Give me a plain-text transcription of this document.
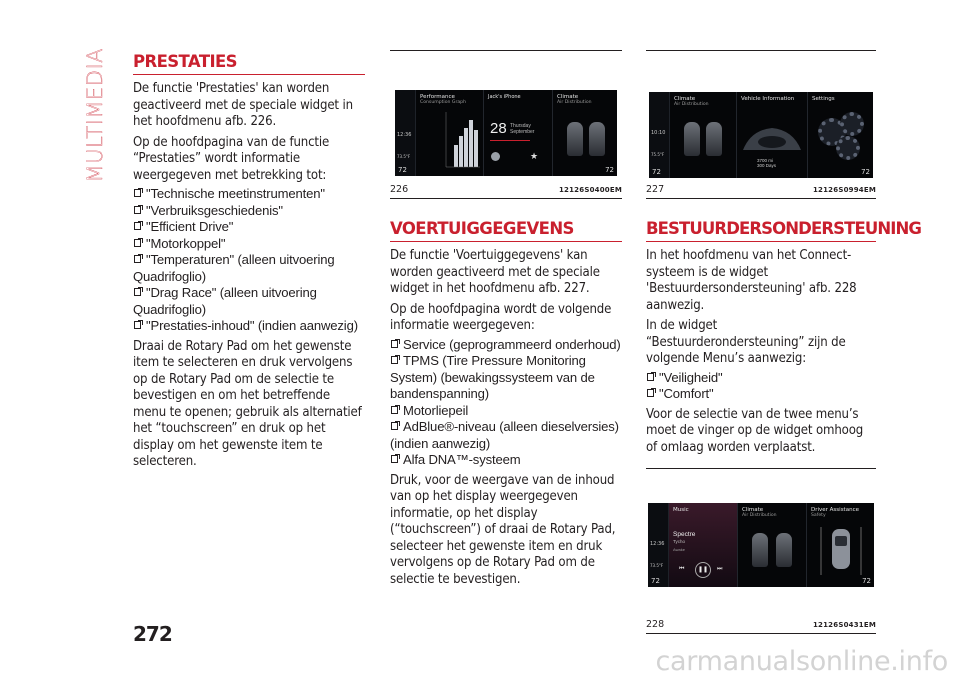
MULTIMEDIA PRESTATIES

De functie 'Prestaties' kan worden geactiveerd met de speciale widget in het hoofdmenu afb. 226.

Op de hoofdpagina van de functie “Prestaties” wordt informatie weergegeven met betrekking tot:

"Technische meetinstrumenten"
"Verbruiksgeschiedenis"
"Efficient Drive"
"Motorkoppel"
"Temperaturen" (alleen uitvoering Quadrifoglio)
"Drag Race" (alleen uitvoering Quadrifoglio)
"Prestaties-inhoud" (indien aanwezig)

Draai de Rotary Pad om het gewenste item te selecteren en druk vervolgens op de Rotary Pad om de selectie te bevestigen en om het betreffende menu te openen; gebruik als alternatief het “touchscreen” en druk op het display om het gewenste item te selecteren.

12:36
73.5°F
Performance
Consumption Graph
Jack's iPhone
28 Thursday
September
★
Climate
Air Distribution
72
72
226	12126S0400EM
VOERTUIGGEGEVENS

De functie 'Voertuiggegevens' kan worden geactiveerd met de speciale widget in het hoofdmenu afb. 227.

Op de hoofdpagina wordt de volgende informatie weergegeven:

Service (geprogrammeerd onderhoud)
TPMS (Tire Pressure Monitoring System) (bewakingssysteem van de bandenspanning)
Motorliepeil
AdBlue®-niveau (alleen dieselversies) (indien aanwezig)
Alfa DNA™-systeem

Druk, voor de weergave van de inhoud van op het display weergegeven informatie, op het display (“touchscreen”) of draai de Rotary Pad, selecteer het gewenste item en druk vervolgens op de Rotary Pad om de selectie te bevestigen.

10:10
75.5°F
Climate
Air Distribution
Vehicle Information
3700 mi
300 Days
Settings
72
72
227	12126S0994EM
BESTUURDERSONDERSTEUNING

In het hoofdmenu van het Connect-systeem is de widget 'Bestuurdersondersteuning' afb. 228 aanwezig.

In de widget “Bestuurderondersteuning” zijn de volgende Menu’s aanwezig:

"Veiligheid"
"Comfort"

Voor de selectie van de twee menu’s moet de vinger op de widget omhoog of omlaag worden verplaatst.

12:36
73.5°F
Music
Spectre
Tycho
Awake
⏮	❚❚	⏭
Climate
Air Distribution
Driver Assistance
Safety
72
72
228	12126S0431EM
272
carmanualsonline.info
